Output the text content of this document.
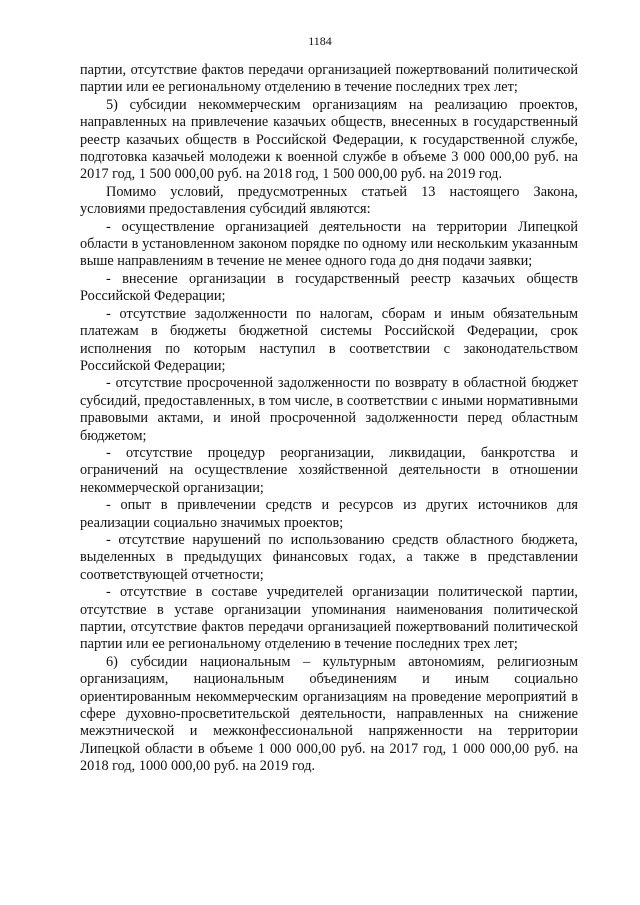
1184

партии, отсутствие фактов передачи организацией пожертвований политической партии или ее региональному отделению в течение последних трех лет;

5) субсидии некоммерческим организациям на реализацию проектов, направленных на привлечение казачьих обществ, внесенных в государственный реестр казачьих обществ в Российской Федерации, к государственной службе, подготовка казачьей молодежи к военной службе в объеме 3 000 000,00 руб. на 2017 год, 1 500 000,00 руб. на 2018 год, 1 500 000,00 руб. на 2019 год.

Помимо условий, предусмотренных статьей 13 настоящего Закона, условиями предоставления субсидий являются:

- осуществление организацией деятельности на территории Липецкой области в установленном законом порядке по одному или нескольким указанным выше направлениям в течение не менее одного года до дня подачи заявки;

- внесение организации в государственный реестр казачьих обществ Российской Федерации;

- отсутствие задолженности по налогам, сборам и иным обязательным платежам в бюджеты бюджетной системы Российской Федерации, срок исполнения по которым наступил в соответствии с законодательством Российской Федерации;

- отсутствие просроченной задолженности по возврату в областной бюджет субсидий, предоставленных, в том числе, в соответствии с иными нормативными правовыми актами, и иной просроченной задолженности перед областным бюджетом;

- отсутствие процедур реорганизации, ликвидации, банкротства и ограничений на осуществление хозяйственной деятельности в отношении некоммерческой организации;

- опыт в привлечении средств и ресурсов из других источников для реализации социально значимых проектов;

- отсутствие нарушений по использованию средств областного бюджета, выделенных в предыдущих финансовых годах, а также в представлении соответствующей отчетности;

- отсутствие в составе учредителей организации политической партии, отсутствие в уставе организации упоминания наименования политической партии, отсутствие фактов передачи организацией пожертвований политической партии или ее региональному отделению в течение последних трех лет;

6) субсидии национальным – культурным автономиям, религиозным организациям, национальным объединениям и иным социально ориентированным некоммерческим организациям на проведение мероприятий в сфере духовно-просветительской деятельности, направленных на снижение межэтнической и межконфессиональной напряженности на территории Липецкой области в объеме 1 000 000,00 руб. на 2017 год, 1 000 000,00 руб. на 2018 год, 1000 000,00 руб. на 2019 год.
